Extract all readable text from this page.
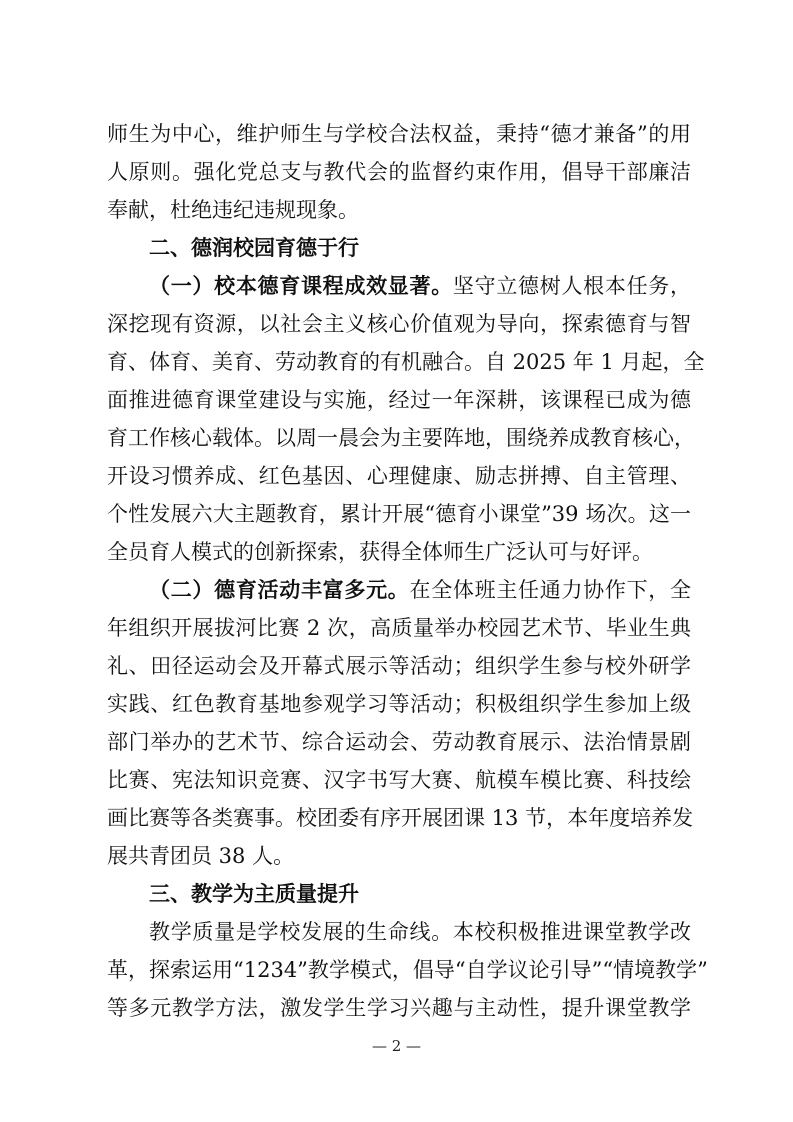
师生为中心，维护师生与学校合法权益，秉持“德才兼备”的用
人原则。强化党总支与教代会的监督约束作用，倡导干部廉洁
奉献，杜绝违纪违规现象。
二、德润校园育德于行
（一）校本德育课程成效显著。坚守立德树人根本任务，
深挖现有资源，以社会主义核心价值观为导向，探索德育与智
育、体育、美育、劳动教育的有机融合。自 2025 年 1 月起，全
面推进德育课堂建设与实施，经过一年深耕，该课程已成为德
育工作核心载体。以周一晨会为主要阵地，围绕养成教育核心，
开设习惯养成、红色基因、心理健康、励志拼搏、自主管理、
个性发展六大主题教育，累计开展“德育小课堂”39 场次。这一
全员育人模式的创新探索，获得全体师生广泛认可与好评。
（二）德育活动丰富多元。在全体班主任通力协作下，全
年组织开展拔河比赛 2 次，高质量举办校园艺术节、毕业生典
礼、田径运动会及开幕式展示等活动；组织学生参与校外研学
实践、红色教育基地参观学习等活动；积极组织学生参加上级
部门举办的艺术节、综合运动会、劳动教育展示、法治情景剧
比赛、宪法知识竞赛、汉字书写大赛、航模车模比赛、科技绘
画比赛等各类赛事。校团委有序开展团课 13 节，本年度培养发
展共青团员 38 人。
三、教学为主质量提升
教学质量是学校发展的生命线。本校积极推进课堂教学改
革，探索运用“1234”教学模式，倡导“自学议论引导”“情境教学”
等多元教学方法，激发学生学习兴趣与主动性，提升课堂教学
— 2 —
